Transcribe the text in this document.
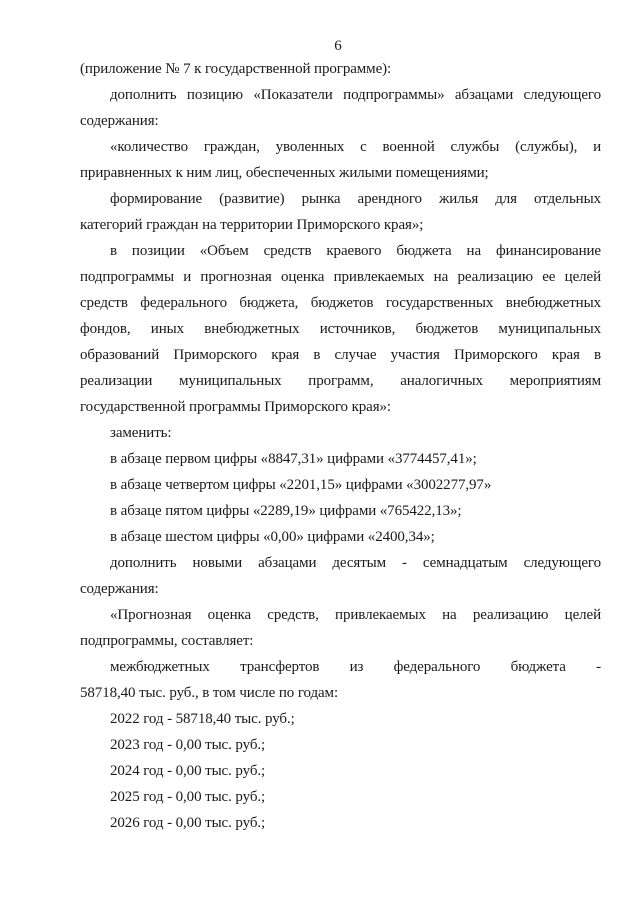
6
(приложение № 7 к государственной программе):
дополнить позицию «Показатели подпрограммы» абзацами следующего
содержания:
«количество граждан, уволенных с военной службы (службы), и
приравненных к ним лиц, обеспеченных жилыми помещениями;
формирование (развитие) рынка арендного жилья для отдельных
категорий граждан на территории Приморского края»;
в позиции «Объем средств краевого бюджета на финансирование
подпрограммы и прогнозная оценка привлекаемых на реализацию ее целей
средств федерального бюджета, бюджетов государственных внебюджетных
фондов, иных внебюджетных источников, бюджетов муниципальных
образований Приморского края в случае участия Приморского края в
реализации муниципальных программ, аналогичных мероприятиям
государственной программы Приморского края»:
заменить:
в абзаце первом цифры «8847,31» цифрами «3774457,41»;
в абзаце четвертом цифры «2201,15» цифрами «3002277,97»
в абзаце пятом цифры «2289,19» цифрами «765422,13»;
в абзаце шестом цифры «0,00» цифрами «2400,34»;
дополнить новыми абзацами десятым - семнадцатым следующего
содержания:
«Прогнозная оценка средств, привлекаемых на реализацию целей
подпрограммы, составляет:
межбюджетных трансфертов из федерального бюджета -
58718,40 тыс. руб., в том числе по годам:
2022 год - 58718,40 тыс. руб.;
2023 год - 0,00 тыс. руб.;
2024 год - 0,00 тыс. руб.;
2025 год - 0,00 тыс. руб.;
2026 год - 0,00 тыс. руб.;
